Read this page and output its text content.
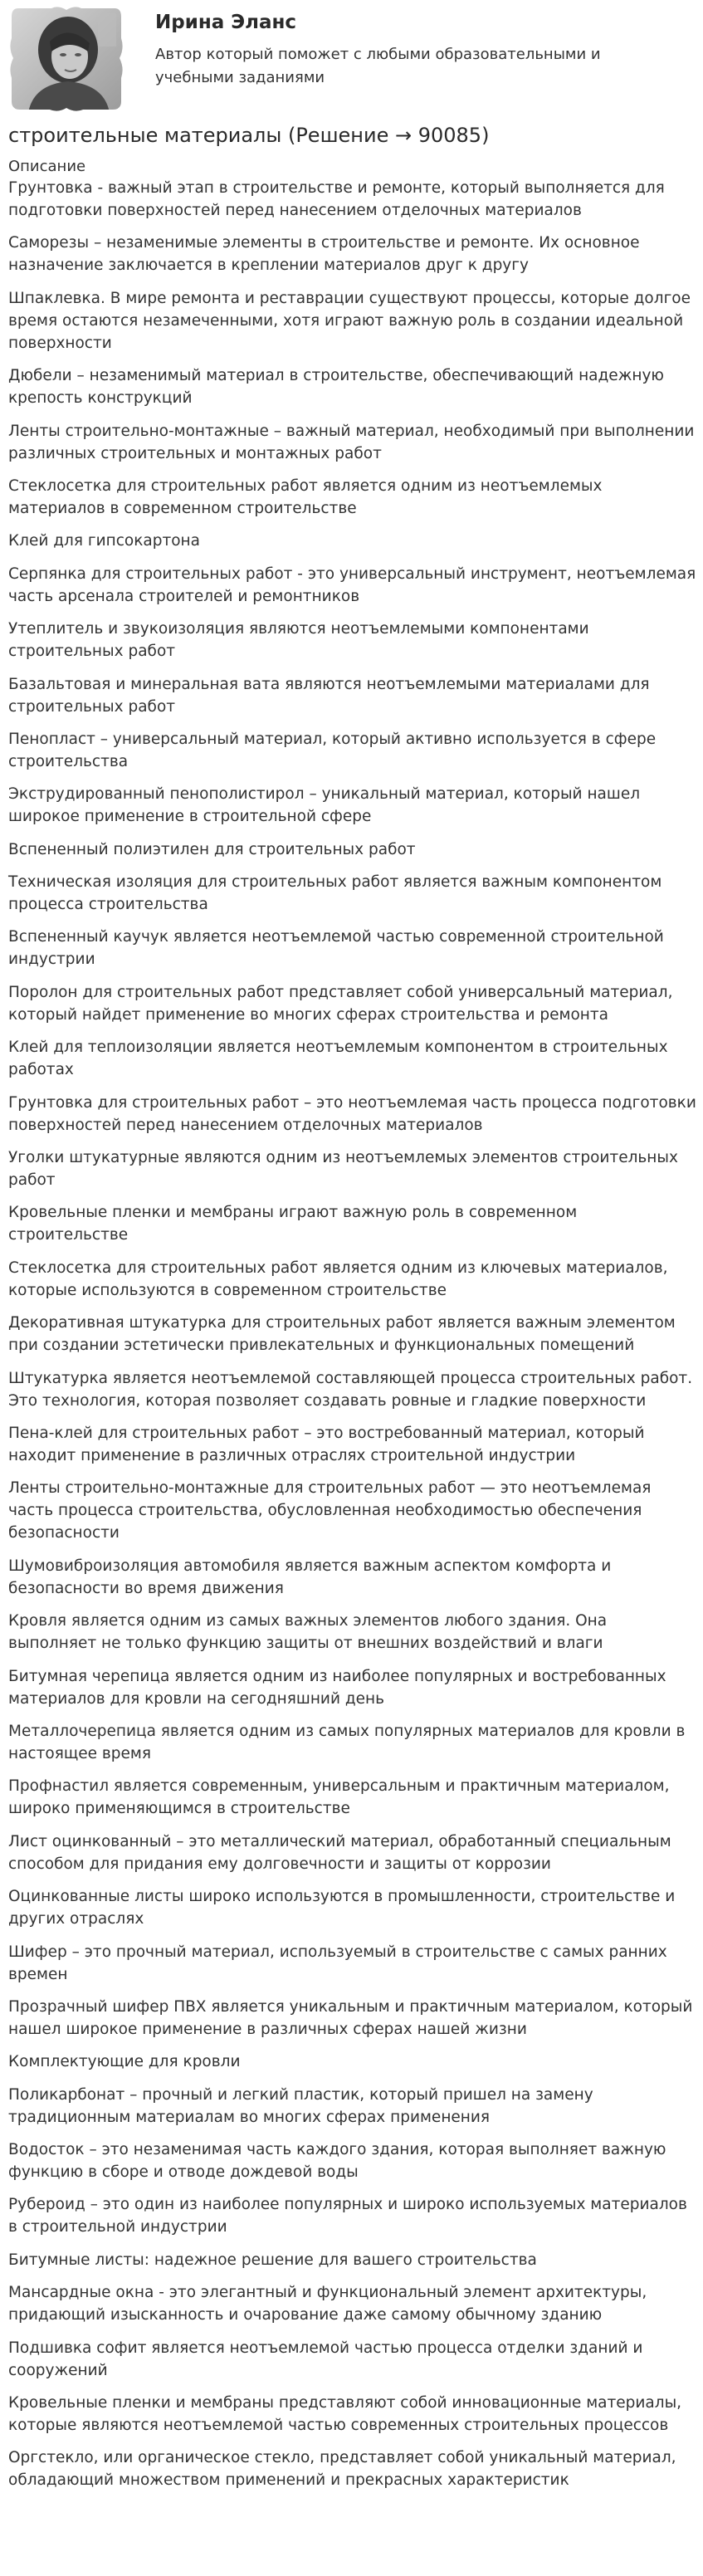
Ирина Эланс
Автор который поможет с любыми образовательными и учебными заданиями
строительные материалы (Решение → 90085)
Описание

Грунтовка - важный этап в строительстве и ремонте, который выполняется для подготовки поверхностей перед нанесением отделочных материалов

Саморезы – незаменимые элементы в строительстве и ремонте. Их основное назначение заключается в креплении материалов друг к другу

Шпаклевка. В мире ремонта и реставрации существуют процессы, которые долгое время остаются незамеченными, хотя играют важную роль в создании идеальной поверхности

Дюбели – незаменимый материал в строительстве, обеспечивающий надежную крепость конструкций

Ленты строительно-монтажные – важный материал, необходимый при выполнении различных строительных и монтажных работ

Стеклосетка для строительных работ является одним из неотъемлемых материалов в современном строительстве

Клей для гипсокартона

Серпянка для строительных работ - это универсальный инструмент, неотъемлемая часть арсенала строителей и ремонтников

Утеплитель и звукоизоляция являются неотъемлемыми компонентами строительных работ

Базальтовая и минеральная вата являются неотъемлемыми материалами для строительных работ

Пенопласт – универсальный материал, который активно используется в сфере строительства

Экструдированный пенополистирол – уникальный материал, который нашел широкое применение в строительной сфере

Вспененный полиэтилен для строительных работ

Техническая изоляция для строительных работ является важным компонентом процесса строительства

Вспененный каучук является неотъемлемой частью современной строительной индустрии

Поролон для строительных работ представляет собой универсальный материал, который найдет применение во многих сферах строительства и ремонта

Клей для теплоизоляции является неотъемлемым компонентом в строительных работах

Грунтовка для строительных работ – это неотъемлемая часть процесса подготовки поверхностей перед нанесением отделочных материалов

Уголки штукатурные являются одним из неотъемлемых элементов строительных работ

Кровельные пленки и мембраны играют важную роль в современном строительстве

Стеклосетка для строительных работ является одним из ключевых материалов, которые используются в современном строительстве

Декоративная штукатурка для строительных работ является важным элементом при создании эстетически привлекательных и функциональных помещений

Штукатурка является неотъемлемой составляющей процесса строительных работ. Это технология, которая позволяет создавать ровные и гладкие поверхности

Пена-клей для строительных работ – это востребованный материал, который находит применение в различных отраслях строительной индустрии

Ленты строительно-монтажные для строительных работ — это неотъемлемая часть процесса строительства, обусловленная необходимостью обеспечения безопасности

Шумовиброизоляция автомобиля является важным аспектом комфорта и безопасности во время движения

Кровля является одним из самых важных элементов любого здания. Она выполняет не только функцию защиты от внешних воздействий и влаги

Битумная черепица является одним из наиболее популярных и востребованных материалов для кровли на сегодняшний день

Металлочерепица является одним из самых популярных материалов для кровли в настоящее время

Профнастил является современным, универсальным и практичным материалом, широко применяющимся в строительстве

Лист оцинкованный – это металлический материал, обработанный специальным способом для придания ему долговечности и защиты от коррозии

Оцинкованные листы широко используются в промышленности, строительстве и других отраслях

Шифер – это прочный материал, используемый в строительстве с самых ранних времен

Прозрачный шифер ПВХ является уникальным и практичным материалом, который нашел широкое применение в различных сферах нашей жизни

Комплектующие для кровли

Поликарбонат – прочный и легкий пластик, который пришел на замену традиционным материалам во многих сферах применения

Водосток – это незаменимая часть каждого здания, которая выполняет важную функцию в сборе и отводе дождевой воды

Рубероид – это один из наиболее популярных и широко используемых материалов в строительной индустрии

Битумные листы: надежное решение для вашего строительства

Мансардные окна - это элегантный и функциональный элемент архитектуры, придающий изысканность и очарование даже самому обычному зданию

Подшивка софит является неотъемлемой частью процесса отделки зданий и сооружений

Кровельные пленки и мембраны представляют собой инновационные материалы, которые являются неотъемлемой частью современных строительных процессов

Оргстекло, или органическое стекло, представляет собой уникальный материал, обладающий множеством применений и прекрасных характеристик
